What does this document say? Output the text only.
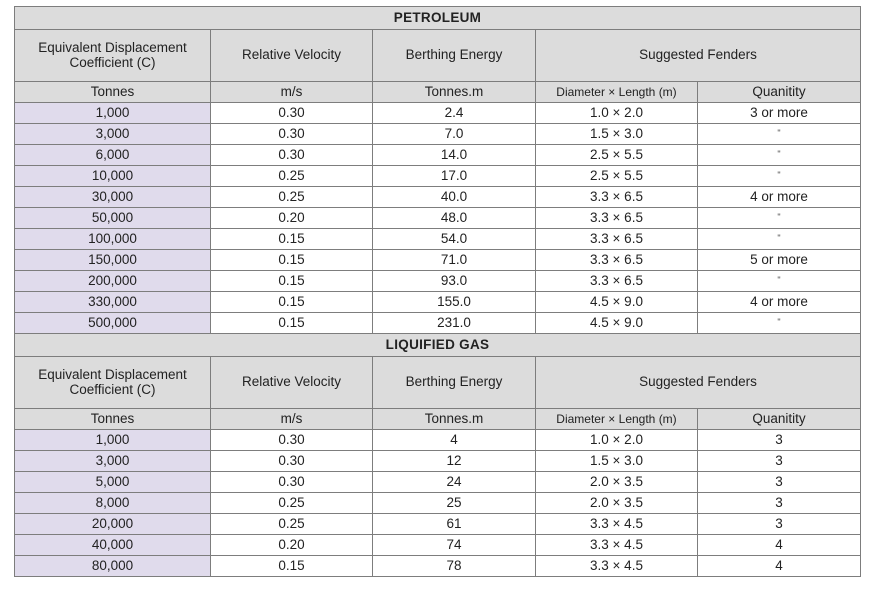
PETROLEUM				
Equivalent Displacement Coefficient (C)	Relative Velocity	Berthing Energy	Suggested Fenders	
Tonnes	m/s	Tonnes.m	Diameter × Length (m)	Quanitity
1,000	0.30	2.4	1.0 × 2.0	3 or more
3,000	0.30	7.0	1.5 × 3.0	"
6,000	0.30	14.0	2.5 × 5.5	"
10,000	0.25	17.0	2.5 × 5.5	"
30,000	0.25	40.0	3.3 × 6.5	4 or more
50,000	0.20	48.0	3.3 × 6.5	"
100,000	0.15	54.0	3.3 × 6.5	"
150,000	0.15	71.0	3.3 × 6.5	5 or more
200,000	0.15	93.0	3.3 × 6.5	"
330,000	0.15	155.0	4.5 × 9.0	4 or more
500,000	0.15	231.0	4.5 × 9.0	"
LIQUIFIED GAS				
Equivalent Displacement Coefficient (C)	Relative Velocity	Berthing Energy	Suggested Fenders	
Tonnes	m/s	Tonnes.m	Diameter × Length (m)	Quanitity
1,000	0.30	4	1.0 × 2.0	3
3,000	0.30	12	1.5 × 3.0	3
5,000	0.30	24	2.0 × 3.5	3
8,000	0.25	25	2.0 × 3.5	3
20,000	0.25	61	3.3 × 4.5	3
40,000	0.20	74	3.3 × 4.5	4
80,000	0.15	78	3.3 × 4.5	4
